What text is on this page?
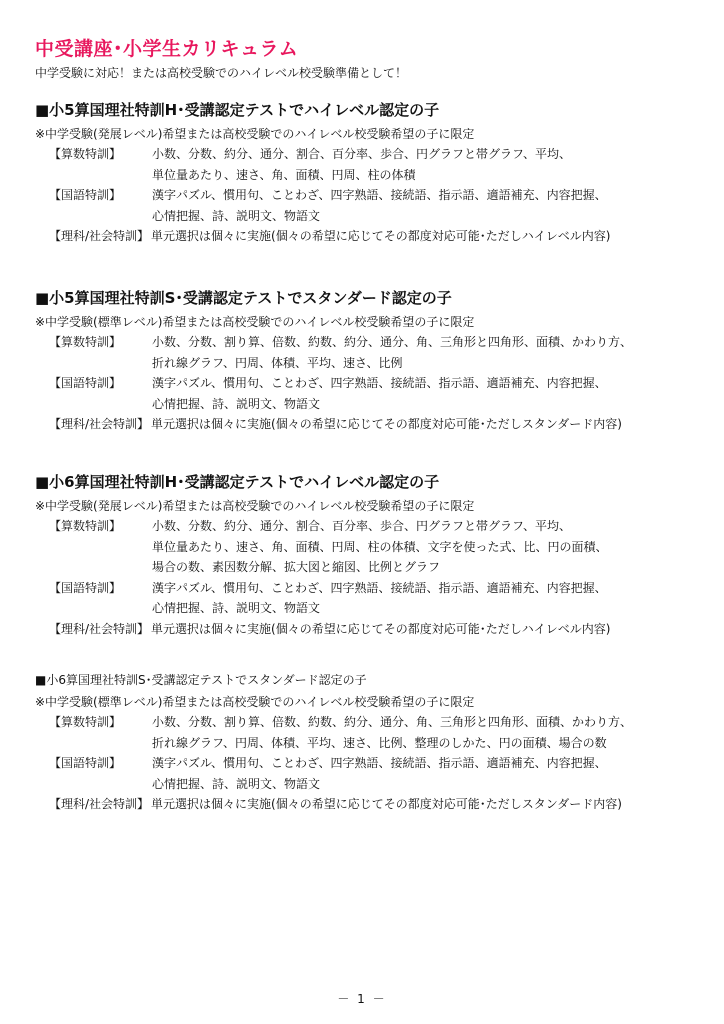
中受講座･小学生カリキュラム
中学受験に対応！または高校受験でのハイレベル校受験準備として！
■小5算国理社特訓H･受講認定テストでハイレベル認定の子
※中学受験(発展レベル)希望または高校受験でのハイレベル校受験希望の子に限定
【算数特訓】	小数、分数、約分、通分、割合、百分率、歩合、円グラフと帯グラフ、平均、
単位量あたり、速さ、角、面積、円周、柱の体積
【国語特訓】	漢字パズル、慣用句、ことわざ、四字熟語、接続語、指示語、適語補充、内容把握、
心情把握、詩、説明文、物語文
【理科/社会特訓】 単元選択は個々に実施(個々の希望に応じてその都度対応可能･ただしハイレベル内容)
■小5算国理社特訓S･受講認定テストでスタンダード認定の子
※中学受験(標準レベル)希望または高校受験でのハイレベル校受験希望の子に限定
【算数特訓】	小数、分数、割り算、倍数、約数、約分、通分、角、三角形と四角形、面積、かわり方、
折れ線グラフ、円周、体積、平均、速さ、比例
【国語特訓】	漢字パズル、慣用句、ことわざ、四字熟語、接続語、指示語、適語補充、内容把握、
心情把握、詩、説明文、物語文
【理科/社会特訓】 単元選択は個々に実施(個々の希望に応じてその都度対応可能･ただしスタンダード内容)
■小6算国理社特訓H･受講認定テストでハイレベル認定の子
※中学受験(発展レベル)希望または高校受験でのハイレベル校受験希望の子に限定
【算数特訓】	小数、分数、約分、通分、割合、百分率、歩合、円グラフと帯グラフ、平均、
単位量あたり、速さ、角、面積、円周、柱の体積、文字を使った式、比、円の面積、
場合の数、素因数分解、拡大図と縮図、比例とグラフ
【国語特訓】	漢字パズル、慣用句、ことわざ、四字熟語、接続語、指示語、適語補充、内容把握、
心情把握、詩、説明文、物語文
【理科/社会特訓】 単元選択は個々に実施(個々の希望に応じてその都度対応可能･ただしハイレベル内容)
■小6算国理社特訓S･受講認定テストでスタンダード認定の子
※中学受験(標準レベル)希望または高校受験でのハイレベル校受験希望の子に限定
【算数特訓】	小数、分数、割り算、倍数、約数、約分、通分、角、三角形と四角形、面積、かわり方、
折れ線グラフ、円周、体積、平均、速さ、比例、整理のしかた、円の面積、場合の数
【国語特訓】	漢字パズル、慣用句、ことわざ、四字熟語、接続語、指示語、適語補充、内容把握、
心情把握、詩、説明文、物語文
【理科/社会特訓】 単元選択は個々に実施(個々の希望に応じてその都度対応可能･ただしスタンダード内容)
－ 1 －
